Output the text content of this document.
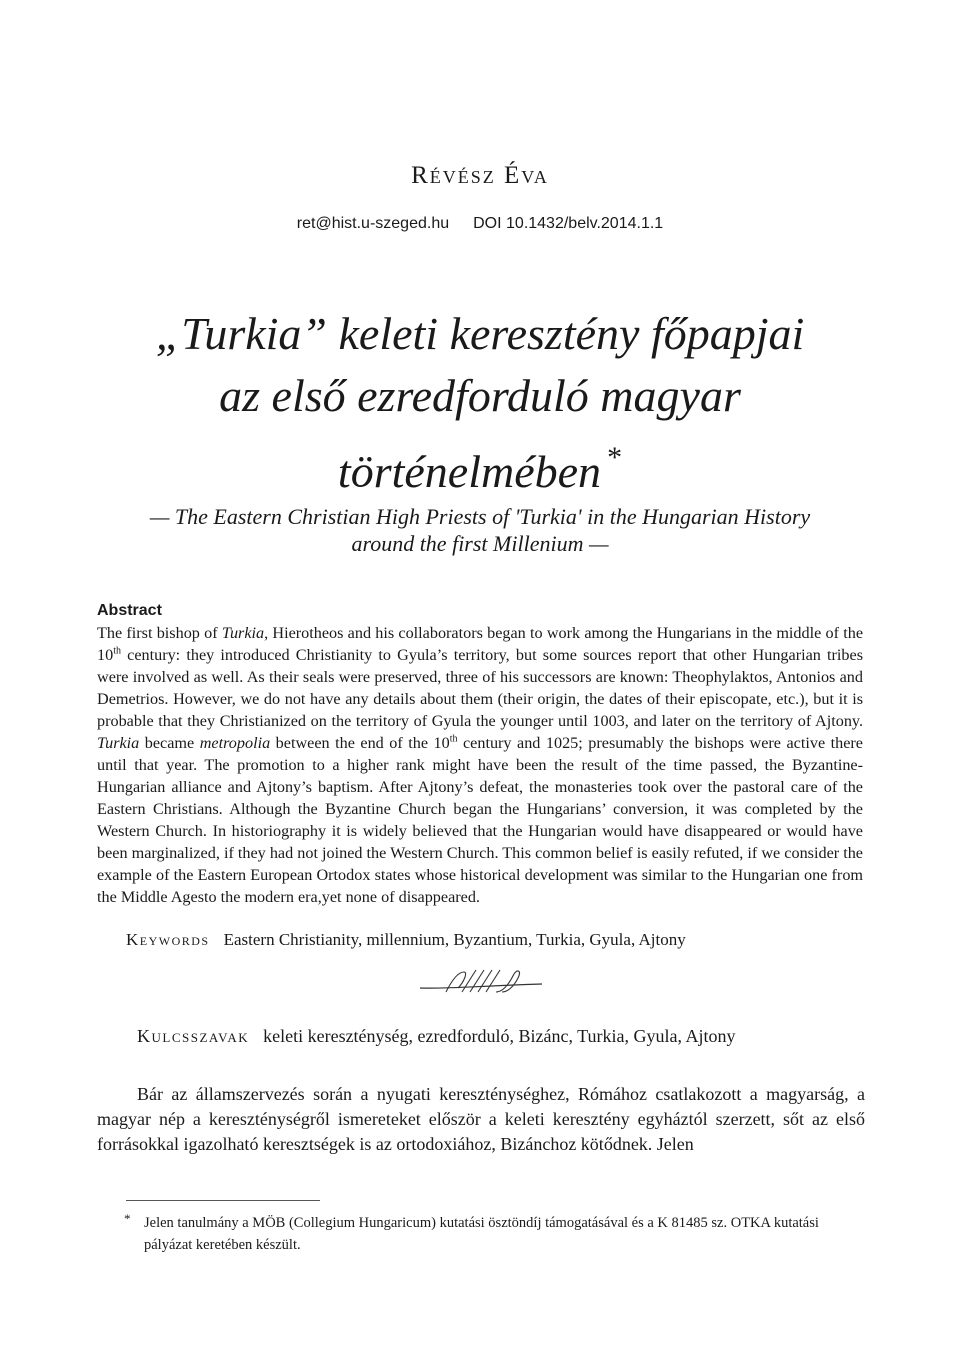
Révész Éva
ret@hist.u-szeged.hu DOI 10.1432/belv.2014.1.1
„Turkia” keleti keresztény főpapjai
az első ezredforduló magyar
történelmében *
— The Eastern Christian High Priests of 'Turkia' in the Hungarian History
around the first Millenium —
Abstract

The first bishop of Turkia, Hierotheos and his collaborators began to work among the Hungarians in the middle of the 10th century: they introduced Christianity to Gyula’s territory, but some sources report that other Hungarian tribes were involved as well. As their seals were preserved, three of his successors are known: Theophylaktos, Antonios and Demetrios. However, we do not have any details about them (their origin, the dates of their episcopate, etc.), but it is probable that they Christianized on the territory of Gyula the younger until 1003, and later on the territory of Ajtony. Turkia became metropolia between the end of the 10th century and 1025; presumably the bishops were active there until that year. The promotion to a higher rank might have been the result of the time passed, the Byzantine-Hungarian alliance and Ajtony’s baptism. After Ajtony’s defeat, the monasteries took over the pastoral care of the Eastern Christians. Although the Byzantine Church began the Hungarians’ conversion, it was completed by the Western Church. In historiography it is widely believed that the Hungarian would have disappeared or would have been marginalized, if they had not joined the Western Church. This common belief is easily refuted, if we consider the example of the Eastern European Ortodox states whose historical development was similar to the Hungarian one from the Middle Agesto the modern era,yet none of disappeared.

Keywords Eastern Christianity, millennium, Byzantium, Turkia, Gyula, Ajtony
Kulcsszavak keleti kereszténység, ezredforduló, Bizánc, Turkia, Gyula, Ajtony

Bár az államszervezés során a nyugati kereszténységhez, Rómához csatlakozott a magyarság, a magyar nép a kereszténységről ismereteket először a keleti keresztény egyháztól szerzett, sőt az első forrásokkal igazolható keresztségek is az ortodoxiához, Bizánchoz kötődnek. Jelen

* Jelen tanulmány a MÖB (Collegium Hungaricum) kutatási ösztöndíj támogatásával és a K 81485 sz. OTKA kutatási pályázat keretében készült.
